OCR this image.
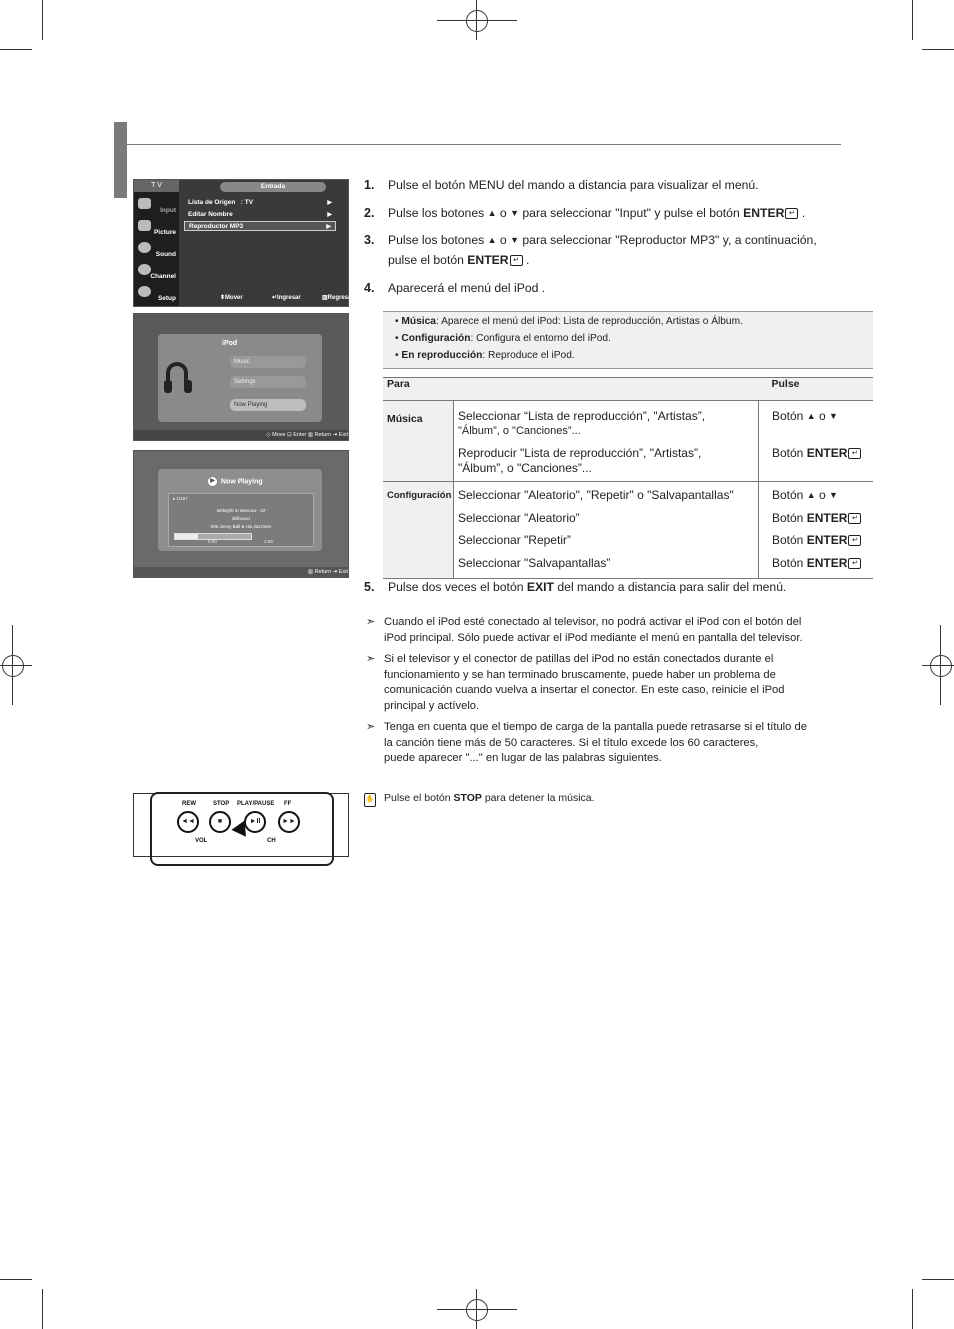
T V
Input
Picture
Sound
Channel
Setup
Entrada
Lista de Origen : TV	▶
Editar Nombre	▶
Reproductor MP3	▶
⬍Mover	↵Ingresar	▥Regresar
iPod
Music
Settings
Now Playing
◇ Move ⊡ Enter ▥ Return ⇥ Exit
▶ Now Playing
▸ 1/167
Midnight In Moscow - 02
Billboard
006 Jenny Ball & His Jazzmen
0:00	2:59
▥ Return ⇥ Exit
REW	STOP PLAY/PAUSE FF
◄◄	■	►II	►►
VOL	CH
1. Pulse el botón MENU del mando a distancia para visualizar el menú.
2. Pulse los botones ▲ o ▼ para seleccionar "Input" y pulse el botón ENTER ↵ .
3. Pulse los botones ▲ o ▼ para seleccionar "Reproductor MP3" y, a continuación,
pulse el botón ENTER ↵ .
4. Aparecerá el menú del iPod .
• Música: Aparece el menú del iPod: Lista de reproducción, Artistas o Álbum.
• Configuración: Configura el entorno del iPod.
• En reproducción: Reproduce el iPod.
Para		Pulse
Música	Seleccionar “Lista de reproducción”, "Artistas”,
"Álbum”, o "Canciones”...
Reproducir "Lista de reproducción”, "Artistas”,
"Álbum”, o "Canciones”...	Botón ▲ o ▼
Botón ENTER ↵

Configuración	Seleccionar "Aleatorio", "Repetir" o "Salvapantallas"
Seleccionar "Aleatorio”
Seleccionar "Repetir”
Seleccionar "Salvapantallas”	Botón ▲ o ▼
Botón ENTER ↵
Botón ENTER ↵
Botón ENTER ↵
5. Pulse dos veces el botón EXIT del mando a distancia para salir del menú.
➣ Cuando el iPod esté conectado al televisor, no podrá activar el iPod con el botón del
iPod principal. Sólo puede activar el iPod mediante el menú en pantalla del televisor.
➣ Si el televisor y el conector de patillas del iPod no están conectados durante el
funcionamiento y se han terminado bruscamente, puede haber un problema de
comunicación cuando vuelva a insertar el conector. En este caso, reinicie el iPod
principal y actívelo.
➣ Tenga en cuenta que el tiempo de carga de la pantalla puede retrasarse si el título de
la canción tiene más de 50 caracteres. Si el título excede los 60 caracteres,
puede aparecer "..." en lugar de las palabras siguientes.
✋ Pulse el botón STOP para detener la música.
